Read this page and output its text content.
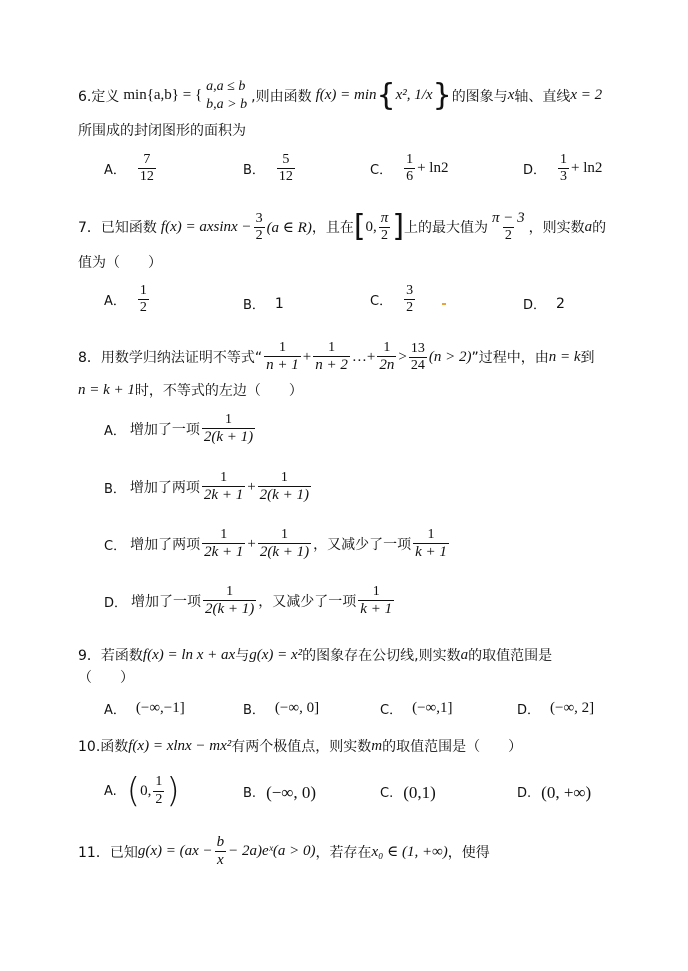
6.定义 min{a,b} = {
a,a ≤ b
b,a > b ,则由函数 f(x) = min { x², 1/x } 的图象与 x 轴、直线 x = 2
所围成的封闭图形的面积为
A． $\frac{7}{12}$	B． $\frac{5}{12}$	C． $\frac{1}{6} + \ln 2$	D． $\frac{1}{3} + \ln 2$
7．已知函数 $f(x) = axsinx - \frac{3}{2} (a$ ∈ R) ，且在 [ 0, $\frac{\pi}{2}$ ] 上的最大值为 $\frac{\pi - 3}{2}$ ，则实数 a 的
值为（　　）
A． $\frac{1}{2}$	B． 1	C． $\frac{3}{2}$	D． 2
8．用数学归纳法证明不等式“ $\frac{1}{n + 1} + \frac{1}{n + 2}$ …+ $\frac{1}{2n} > \frac{13}{24} (n > 2)$ ”过程中，由 n = k 到
n = k + 1 时，不等式的左边（　　）
A． 增加了一项 $\frac{1}{2(k + 1)}$
B． 增加了两项 $\frac{1}{2k + 1} + \frac{1}{2(k + 1)}$
C． 增加了两项 $\frac{1}{2k + 1} + \frac{1}{2(k + 1)}$ ，又减少了一项 $\frac{1}{k + 1}$
D． 增加了一项 $\frac{1}{2(k + 1)}$ ，又减少了一项 $\frac{1}{k + 1}$
9．若函数 f(x) = ln x + ax 与 g(x) = x² 的图象存在公切线,则实数 a 的取值范围是
（　　）
A． (−∞,−1]	B． (−∞, 0]	C． (−∞,1]	D． (−∞, 2]
10.函数 f(x) = xlnx − mx² 有两个极值点，则实数 m 的取值范围是（　　）
A. ( 0, $\frac{1}{2}$ )	B. (−∞, 0)	C. (0,1)	D. (0, +∞)
11．已知 $g(x) = (ax - \frac{b}{x}$ − 2a)eˣ(a > 0) ，若存在 x₀ ∈ (1, +∞) ，使得
